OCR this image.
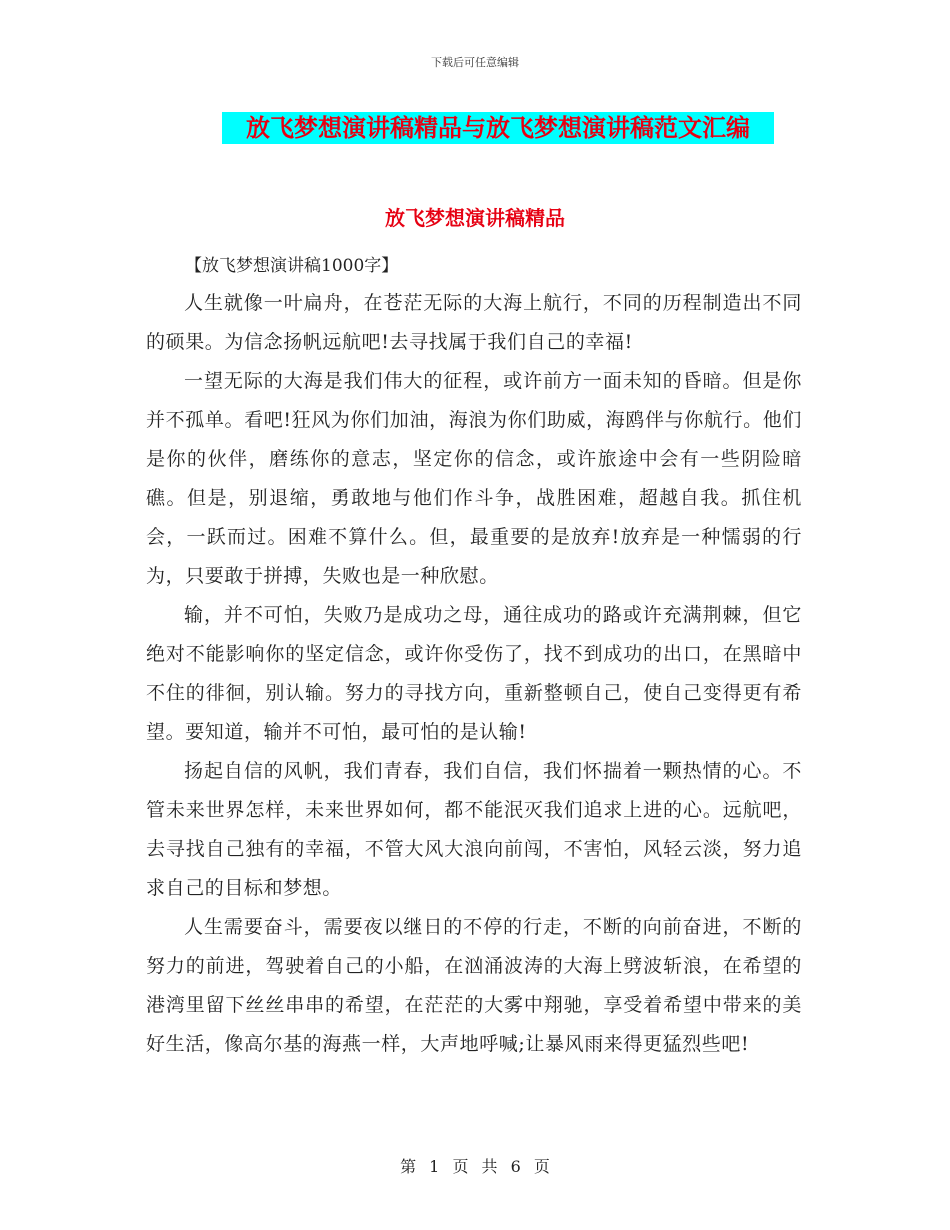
下载后可任意编辑
放飞梦想演讲稿精品与放飞梦想演讲稿范文汇编
放飞梦想演讲稿精品
【放飞梦想演讲稿1000字】

人生就像一叶扁舟，在苍茫无际的大海上航行，不同的历程制造出不同的硕果。为信念扬帆远航吧!去寻找属于我们自己的幸福!

一望无际的大海是我们伟大的征程，或许前方一面未知的昏暗。但是你并不孤单。看吧!狂风为你们加油，海浪为你们助威，海鸥伴与你航行。他们是你的伙伴，磨练你的意志，坚定你的信念，或许旅途中会有一些阴险暗礁。但是，别退缩，勇敢地与他们作斗争，战胜困难，超越自我。抓住机会，一跃而过。困难不算什么。但，最重要的是放弃!放弃是一种懦弱的行为，只要敢于拼搏，失败也是一种欣慰。

输，并不可怕，失败乃是成功之母，通往成功的路或许充满荆棘，但它绝对不能影响你的坚定信念，或许你受伤了，找不到成功的出口，在黑暗中不住的徘徊，别认输。努力的寻找方向，重新整顿自己，使自己变得更有希望。要知道，输并不可怕，最可怕的是认输!

扬起自信的风帆，我们青春，我们自信，我们怀揣着一颗热情的心。不管未来世界怎样，未来世界如何，都不能泯灭我们追求上进的心。远航吧，去寻找自己独有的幸福，不管大风大浪向前闯，不害怕，风轻云淡，努力追求自己的目标和梦想。

人生需要奋斗，需要夜以继日的不停的行走，不断的向前奋进，不断的努力的前进，驾驶着自己的小船，在汹涌波涛的大海上劈波斩浪，在希望的港湾里留下丝丝串串的希望，在茫茫的大雾中翔驰，享受着希望中带来的美好生活，像高尔基的海燕一样，大声地呼喊;让暴风雨来得更猛烈些吧!

第 1 页 共 6 页
